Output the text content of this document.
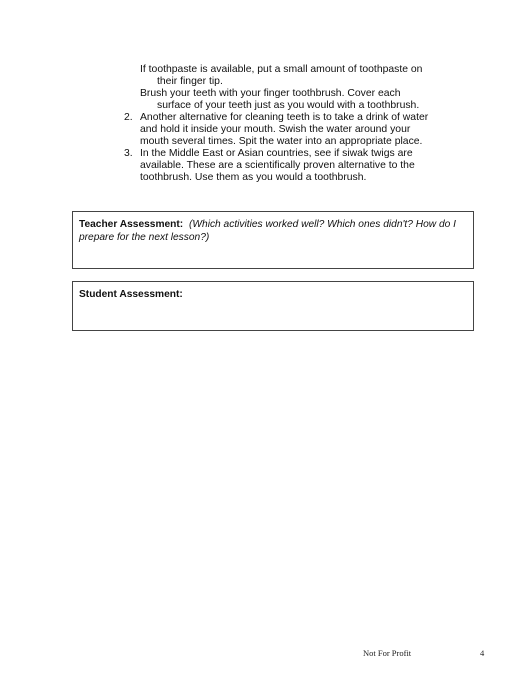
If toothpaste is available, put a small amount of toothpaste on
their finger tip.
Brush your teeth with your finger toothbrush. Cover each
surface of your teeth just as you would with a toothbrush.
2. Another alternative for cleaning teeth is to take a drink of water
and hold it inside your mouth. Swish the water around your
mouth several times. Spit the water into an appropriate place.
3. In the Middle East or Asian countries, see if siwak twigs are
available. These are a scientifically proven alternative to the
toothbrush. Use them as you would a toothbrush.
Teacher Assessment: (Which activities worked well? Which ones didn't? How do I
prepare for the next lesson?)
Student Assessment:
Not For Profit	4
